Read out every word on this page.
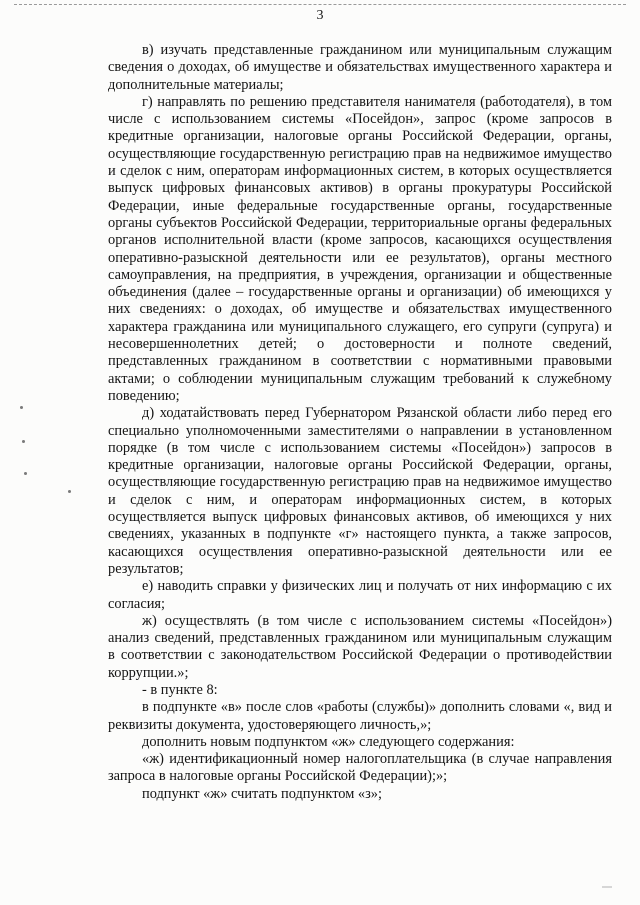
3

в) изучать представленные гражданином или муниципальным служащим сведения о доходах, об имуществе и обязательствах имущественного характера и дополнительные материалы;

г) направлять по решению представителя нанимателя (работодателя), в том числе с использованием системы «Посейдон», запрос (кроме запросов в кредитные организации, налоговые органы Российской Федерации, органы, осуществляющие государственную регистрацию прав на недвижимое имущество и сделок с ним, операторам информационных систем, в которых осуществляется выпуск цифровых финансовых активов) в органы прокуратуры Российской Федерации, иные федеральные государственные органы, государственные органы субъектов Российской Федерации, территориальные органы федеральных органов исполнительной власти (кроме запросов, касающихся осуществления оперативно-разыскной деятельности или ее результатов), органы местного самоуправления, на предприятия, в учреждения, организации и общественные объединения (далее – государственные органы и организации) об имеющихся у них сведениях: о доходах, об имуществе и обязательствах имущественного характера гражданина или муниципального служащего, его супруги (супруга) и несовершеннолетних детей; о достоверности и полноте сведений, представленных гражданином в соответствии с нормативными правовыми актами; о соблюдении муниципальным служащим требований к служебному поведению;

д) ходатайствовать перед Губернатором Рязанской области либо перед его специально уполномоченными заместителями о направлении в установленном порядке (в том числе с использованием системы «Посейдон») запросов в кредитные организации, налоговые органы Российской Федерации, органы, осуществляющие государственную регистрацию прав на недвижимое имущество и сделок с ним, и операторам информационных систем, в которых осуществляется выпуск цифровых финансовых активов, об имеющихся у них сведениях, указанных в подпункте «г» настоящего пункта, а также запросов, касающихся осуществления оперативно-разыскной деятельности или ее результатов;

е) наводить справки у физических лиц и получать от них информацию с их согласия;

ж) осуществлять (в том числе с использованием системы «Посейдон») анализ сведений, представленных гражданином или муниципальным служащим в соответствии с законодательством Российской Федерации о противодействии коррупции.»;

- в пункте 8:

в подпункте «в» после слов «работы (службы)» дополнить словами «, вид и реквизиты документа, удостоверяющего личность,»;

дополнить новым подпунктом «ж» следующего содержания:

«ж) идентификационный номер налогоплательщика (в случае направления запроса в налоговые органы Российской Федерации);»;

подпункт «ж» считать подпунктом «з»;
